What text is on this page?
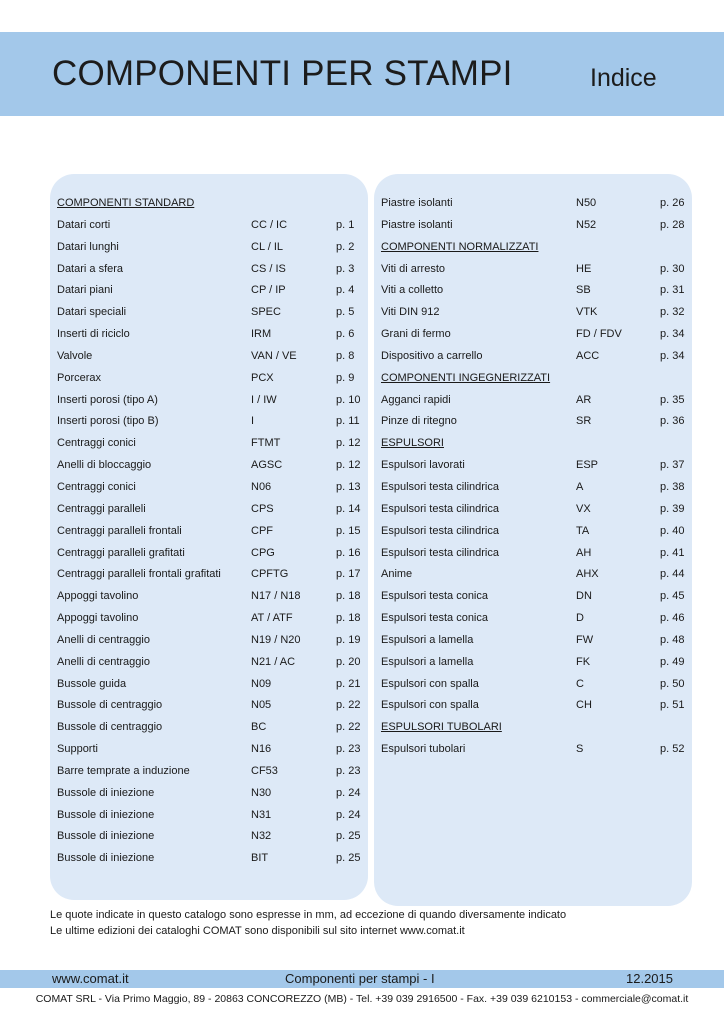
COMPONENTI PER STAMPI	Indice
COMPONENTI STANDARD
Datari corti	CC / IC	p. 1
Datari lunghi	CL / IL	p. 2
Datari a sfera	CS / IS	p. 3
Datari piani	CP / IP	p. 4
Datari speciali	SPEC	p. 5
Inserti di riciclo	IRM	p. 6
Valvole	VAN / VE	p. 8
Porcerax	PCX	p. 9
Inserti porosi (tipo A)	I / IW	p. 10
Inserti porosi (tipo B)	I	p. 11
Centraggi conici	FTMT	p. 12
Anelli di bloccaggio	AGSC	p. 12
Centraggi conici	N06	p. 13
Centraggi paralleli	CPS	p. 14
Centraggi paralleli frontali	CPF	p. 15
Centraggi paralleli grafitati	CPG	p. 16
Centraggi paralleli frontali grafitati	CPFTG	p. 17
Appoggi tavolino	N17 / N18	p. 18
Appoggi tavolino	AT / ATF	p. 18
Anelli di centraggio	N19 / N20	p. 19
Anelli di centraggio	N21 / AC	p. 20
Bussole guida	N09	p. 21
Bussole di centraggio	N05	p. 22
Bussole di centraggio	BC	p. 22
Supporti	N16	p. 23
Barre temprate a induzione	CF53	p. 23
Bussole di iniezione	N30	p. 24
Bussole di iniezione	N31	p. 24
Bussole di iniezione	N32	p. 25
Bussole di iniezione	BIT	p. 25
Piastre isolanti	N50	p. 26
Piastre isolanti	N52	p. 28
COMPONENTI NORMALIZZATI
Viti di arresto	HE	p. 30
Viti a colletto	SB	p. 31
Viti DIN 912	VTK	p. 32
Grani di fermo	FD / FDV	p. 34
Dispositivo a carrello	ACC	p. 34
COMPONENTI INGEGNERIZZATI
Agganci rapidi	AR	p. 35
Pinze di ritegno	SR	p. 36
ESPULSORI
Espulsori lavorati	ESP	p. 37
Espulsori testa cilindrica	A	p. 38
Espulsori testa cilindrica	VX	p. 39
Espulsori testa cilindrica	TA	p. 40
Espulsori testa cilindrica	AH	p. 41
Anime	AHX	p. 44
Espulsori testa conica	DN	p. 45
Espulsori testa conica	D	p. 46
Espulsori a lamella	FW	p. 48
Espulsori a lamella	FK	p. 49
Espulsori con spalla	C	p. 50
Espulsori con spalla	CH	p. 51
ESPULSORI TUBOLARI
Espulsori tubolari	S	p. 52
Le quote indicate in questo catalogo sono espresse in mm, ad eccezione di quando diversamente indicato
Le ultime edizioni dei cataloghi COMAT sono disponibili sul sito internet www.comat.it
www.comat.it	Componenti per stampi - I	12.2015
COMAT SRL - Via Primo Maggio, 89 - 20863 CONCOREZZO (MB) - Tel. +39 039 2916500 - Fax. +39 039 6210153 - commerciale@comat.it
